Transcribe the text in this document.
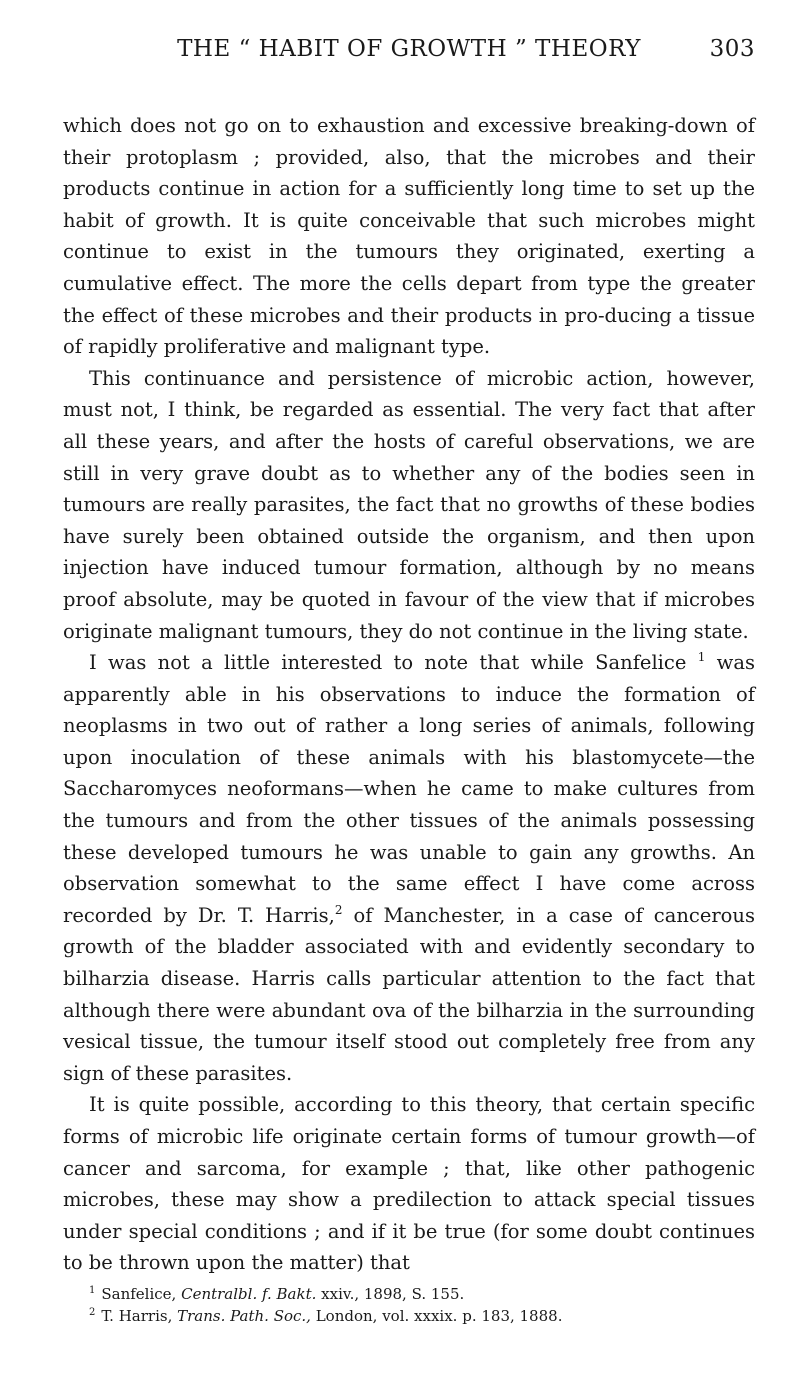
THE “ HABIT OF GROWTH ” THEORY	303

which does not go on to exhaustion and excessive breaking-down of their protoplasm ; provided, also, that the microbes and their products continue in action for a sufficiently long time to set up the habit of growth. It is quite conceivable that such microbes might continue to exist in the tumours they originated, exerting a cumulative effect. The more the cells depart from type the greater the effect of these microbes and their products in pro-ducing a tissue of rapidly proliferative and malignant type.

This continuance and persistence of microbic action, however, must not, I think, be regarded as essential. The very fact that after all these years, and after the hosts of careful observations, we are still in very grave doubt as to whether any of the bodies seen in tumours are really parasites, the fact that no growths of these bodies have surely been obtained outside the organism, and then upon injection have induced tumour formation, although by no means proof absolute, may be quoted in favour of the view that if microbes originate malignant tumours, they do not continue in the living state.

I was not a little interested to note that while Sanfelice $^1$ was apparently able in his observations to induce the formation of neoplasms in two out of rather a long series of animals, following upon inoculation of these animals with his blastomycete—the Saccharomyces neoformans—when he came to make cultures from the tumours and from the other tissues of the animals possessing these developed tumours he was unable to gain any growths. An observation somewhat to the same effect I have come across recorded by Dr. T. Harris,$^2$ of Manchester, in a case of cancerous growth of the bladder associated with and evidently secondary to bilharzia disease. Harris calls particular attention to the fact that although there were abundant ova of the bilharzia in the surrounding vesical tissue, the tumour itself stood out completely free from any sign of these parasites.

It is quite possible, according to this theory, that certain specific forms of microbic life originate certain forms of tumour growth—of cancer and sarcoma, for example ; that, like other pathogenic microbes, these may show a predilection to attack special tissues under special conditions ; and if it be true (for some doubt continues to be thrown upon the matter) that

$^1$ Sanfelice, Centralbl. f. Bakt. xxiv., 1898, S. 155.
$^2$ T. Harris, Trans. Path. Soc., London, vol. xxxix. p. 183, 1888.
